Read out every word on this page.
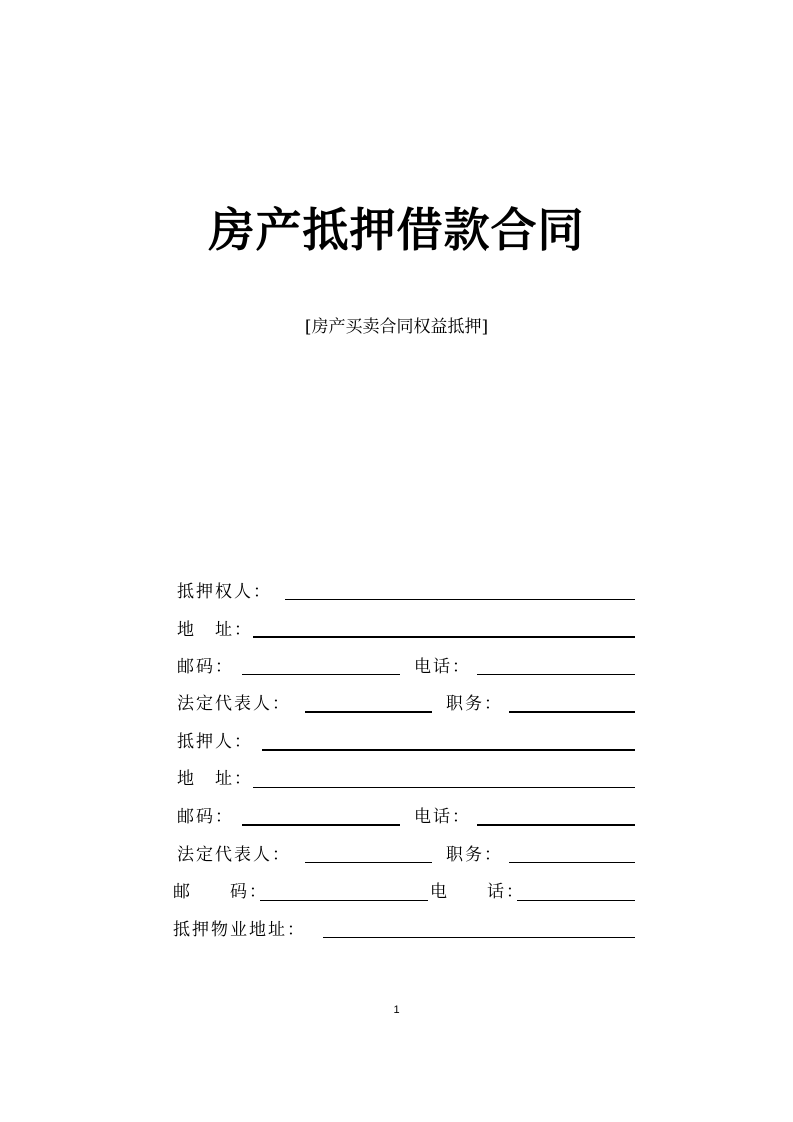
房产抵押借款合同
[房产买卖合同权益抵押]
抵押权人：
地　址：
邮码：	电话：
法定代表人：	职务：
抵押人：
地　址：
邮码：	电话：
法定代表人：	职务：
邮　　码：	电　　话：
抵押物业地址：
1
